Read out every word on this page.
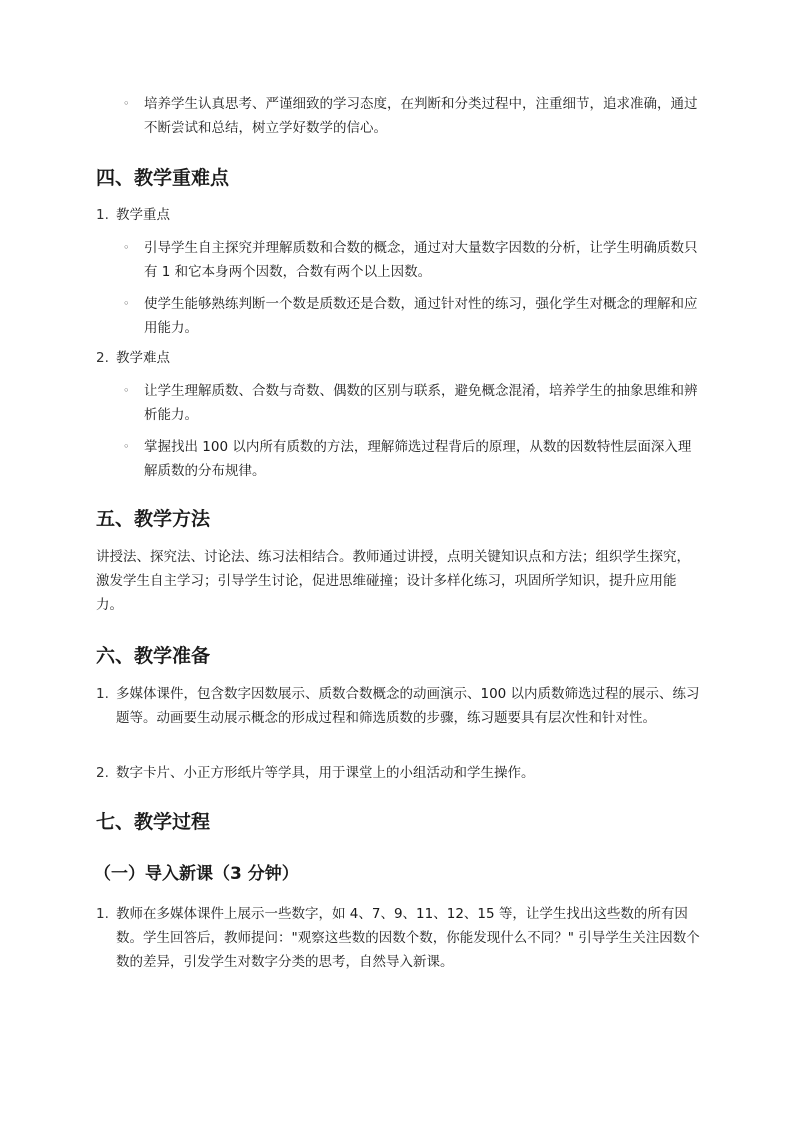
◦ 培养学生认真思考、严谨细致的学习态度，在判断和分类过程中，注重细节，追求准确，通过不断尝试和总结，树立学好数学的信心。

四、教学重难点

1. 教学重点

◦ 引导学生自主探究并理解质数和合数的概念，通过对大量数字因数的分析，让学生明确质数只有 1 和它本身两个因数，合数有两个以上因数。

◦ 使学生能够熟练判断一个数是质数还是合数，通过针对性的练习，强化学生对概念的理解和应用能力。

2. 教学难点

◦ 让学生理解质数、合数与奇数、偶数的区别与联系，避免概念混淆，培养学生的抽象思维和辨析能力。

◦ 掌握找出 100 以内所有质数的方法，理解筛选过程背后的原理，从数的因数特性层面深入理解质数的分布规律。

五、教学方法

讲授法、探究法、讨论法、练习法相结合。教师通过讲授，点明关键知识点和方法；组织学生探究，激发学生自主学习；引导学生讨论，促进思维碰撞；设计多样化练习，巩固所学知识，提升应用能力。

六、教学准备

1. 多媒体课件，包含数字因数展示、质数合数概念的动画演示、100 以内质数筛选过程的展示、练习题等。动画要生动展示概念的形成过程和筛选质数的步骤，练习题要具有层次性和针对性。

2. 数字卡片、小正方形纸片等学具，用于课堂上的小组活动和学生操作。

七、教学过程
（一）导入新课（3 分钟）

1. 教师在多媒体课件上展示一些数字，如 4、7、9、11、12、15 等，让学生找出这些数的所有因数。学生回答后，教师提问："观察这些数的因数个数，你能发现什么不同？" 引导学生关注因数个数的差异，引发学生对数字分类的思考，自然导入新课。
